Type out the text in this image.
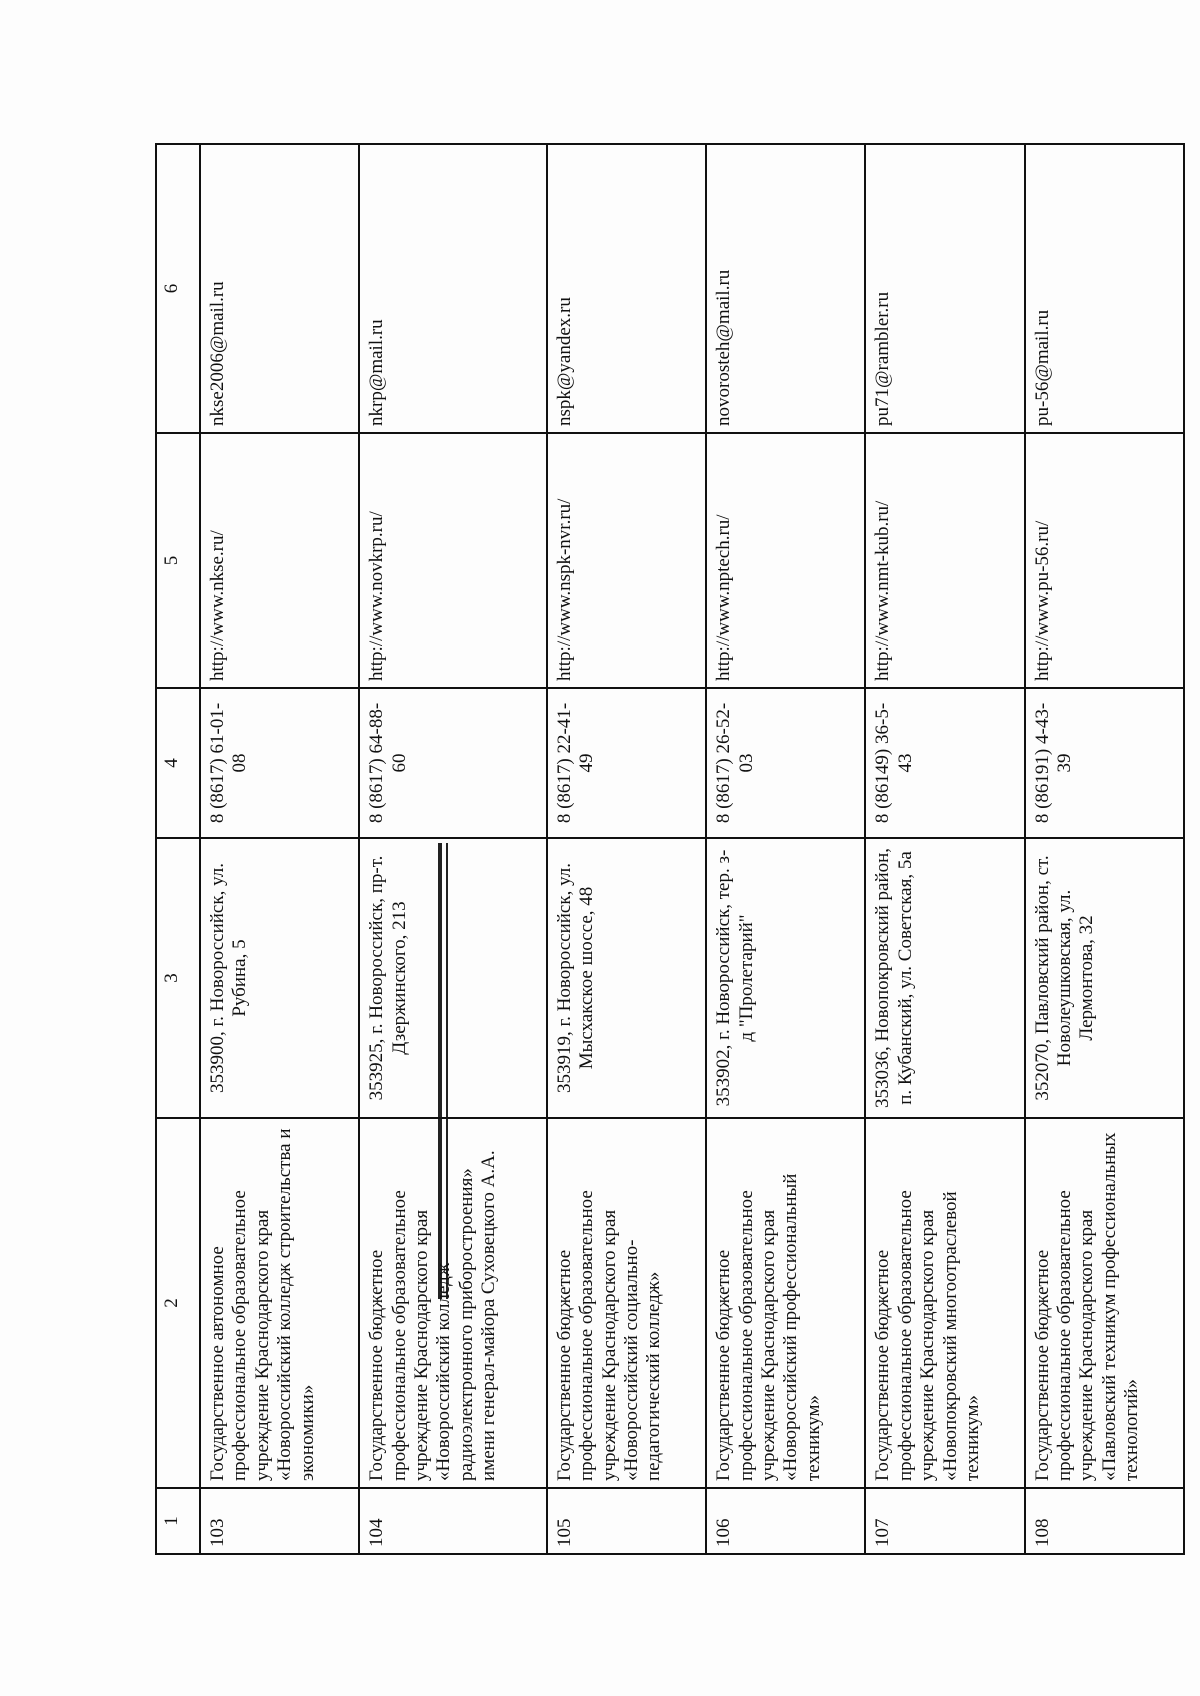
1	2	3	4	5	6
103	Государственное автономное профессиональное образовательное учреждение Краснодарского края «Новороссийский колледж строительства и экономики»	353900, г. Новороссийск, ул. Рубина, 5	8 (8617) 61-01-08	http://www.nkse.ru/	nkse2006@mail.ru
104	Государственное бюджетное профессиональное образовательное учреждение Краснодарского края «Новороссийский колледж радиоэлектронного приборостроения» имени генерал-майора Суховецкого А.А.	353925, г. Новороссийск, пр-т. Дзержинского, 213	8 (8617) 64-88-60	http://www.novkrp.ru/	nkrp@mail.ru
105	Государственное бюджетное профессиональное образовательное учреждение Краснодарского края «Новороссийский социально-педагогический колледж»	353919, г. Новороссийск, ул. Мысхакское шоссе, 48	8 (8617) 22-41-49	http://www.nspk-nvr.ru/	nspk@yandex.ru
106	Государственное бюджетное профессиональное образовательное учреждение Краснодарского края «Новороссийский профессиональный техникум»	353902, г. Новороссийск, тер. з-д "Пролетарий"	8 (8617) 26-52-03	http://www.nptech.ru/	novorosteh@mail.ru
107	Государственное бюджетное профессиональное образовательное учреждение Краснодарского края «Новопокровский многоотраслевой техникум»	353036, Новопокровский район, п. Кубанский, ул. Советская, 5а	8 (86149) 36-5-43	http://www.nmt-kub.ru/	pu71@rambler.ru
108	Государственное бюджетное профессиональное образовательное учреждение Краснодарского края «Павловский техникум профессиональных технологий»	352070, Павловский район, ст. Новолеушковская, ул. Лермонтова, 32	8 (86191) 4-43-39	http://www.pu-56.ru/	pu-56@mail.ru
